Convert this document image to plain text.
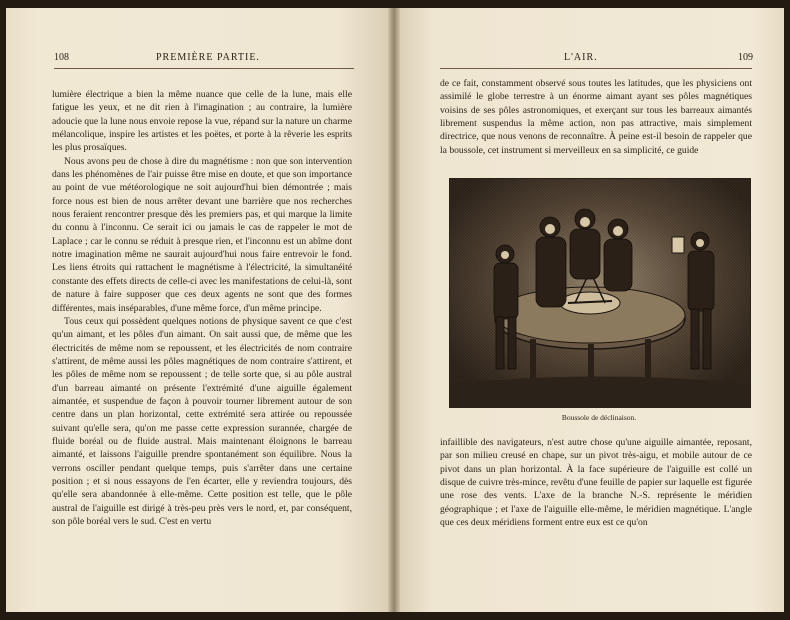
108	PREMIÈRE PARTIE.

lumière électrique a bien la même nuance que celle de la lune, mais elle fatigue les yeux, et ne dit rien à l'imagination ; au contraire, la lumière adoucie que la lune nous envoie repose la vue, répand sur la nature un charme mélancolique, inspire les artistes et les poëtes, et porte à la rêverie les esprits les plus prosaïques.

Nous avons peu de chose à dire du magnétisme : non que son intervention dans les phénomènes de l'air puisse être mise en doute, et que son importance au point de vue météorologique ne soit aujourd'hui bien démontrée ; mais force nous est bien de nous arrêter devant une barrière que nos recherches nous feraient rencontrer presque dès les premiers pas, et qui marque la limite du connu à l'inconnu. Ce serait ici ou jamais le cas de rappeler le mot de Laplace ; car le connu se réduit à presque rien, et l'inconnu est un abîme dont notre imagination même ne saurait aujourd'hui nous faire entrevoir le fond. Les liens étroits qui rattachent le magnétisme à l'électricité, la simultanéité constante des effets directs de celle-ci avec les manifestations de celui-là, sont de nature à faire supposer que ces deux agents ne sont que des formes différentes, mais inséparables, d'une même force, d'un même principe.

Tous ceux qui possèdent quelques notions de physique savent ce que c'est qu'un aimant, et les pôles d'un aimant. On sait aussi que, de même que les électricités de même nom se repoussent, et les électricités de nom contraire s'attirent, de même aussi les pôles magnétiques de nom contraire s'attirent, et les pôles de même nom se repoussent ; de telle sorte que, si au pôle austral d'un barreau aimanté on présente l'extrémité d'une aiguille également aimantée, et suspendue de façon à pouvoir tourner librement autour de son centre dans un plan horizontal, cette extrémité sera attirée ou repoussée suivant qu'elle sera, qu'on me passe cette expression surannée, chargée de fluide boréal ou de fluide austral. Mais maintenant éloignons le barreau aimanté, et laissons l'aiguille prendre spontanément son équilibre. Nous la verrons osciller pendant quelque temps, puis s'arrêter dans une certaine position ; et si nous essayons de l'en écarter, elle y reviendra toujours, dès qu'elle sera abandonnée à elle-même. Cette position est telle, que le pôle austral de l'aiguille est dirigé à très-peu près vers le nord, et, par conséquent, son pôle boréal vers le sud. C'est en vertu

L'AIR.	109

de ce fait, constamment observé sous toutes les latitudes, que les physiciens ont assimilé le globe terrestre à un énorme aimant ayant ses pôles magnétiques voisins de ses pôles astronomiques, et exerçant sur tous les barreaux aimantés librement suspendus la même action, non pas attractive, mais simplement directrice, que nous venons de reconnaître. À peine est-il besoin de rappeler que la boussole, cet instrument si merveilleux en sa simplicité, ce guide

Boussole de déclinaison.

infaillible des navigateurs, n'est autre chose qu'une aiguille aimantée, reposant, par son milieu creusé en chape, sur un pivot très-aigu, et mobile autour de ce pivot dans un plan horizontal. À la face supérieure de l'aiguille est collé un disque de cuivre très-mince, revêtu d'une feuille de papier sur laquelle est figurée une rose des vents. L'axe de la branche N.-S. représente le méridien géographique ; et l'axe de l'aiguille elle-même, le méridien magnétique. L'angle que ces deux méridiens forment entre eux est ce qu'on
